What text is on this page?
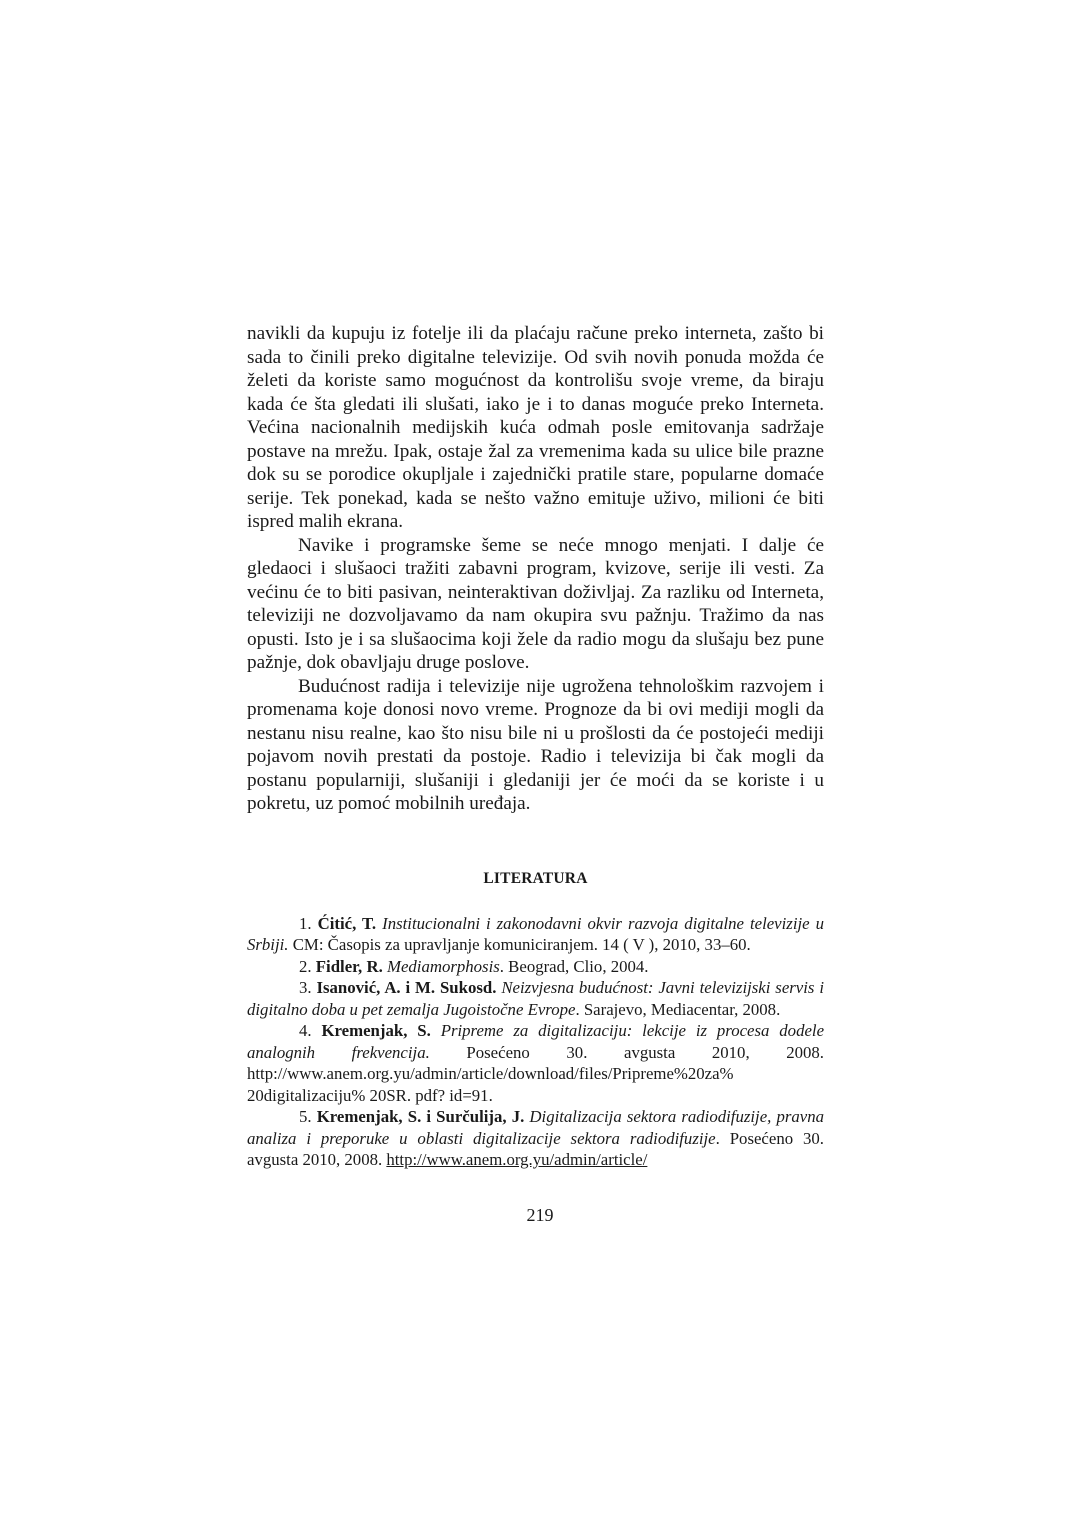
navikli da kupuju iz fotelje ili da plaćaju račune preko interneta, zašto bi sada to činili preko digitalne televizije. Od svih novih ponuda možda će želeti da koriste samo mogućnost da kontrolišu svoje vreme, da biraju kada će šta gledati ili slušati, iako je i to danas moguće preko Interneta. Većina nacionalnih medijskih kuća odmah posle emitovanja sadržaje postave na mrežu. Ipak, ostaje žal za vremenima kada su ulice bile prazne dok su se porodice okupljale i zajednički pratile stare, popularne domaće serije. Tek ponekad, kada se nešto važno emituje uživo, milioni će biti ispred malih ekrana.

Navike i programske šeme se neće mnogo menjati. I dalje će gledaoci i slušaoci tražiti zabavni program, kvizove, serije ili vesti. Za većinu će to biti pasivan, neinteraktivan doživljaj. Za razliku od Interneta, televiziji ne dozvoljavamo da nam okupira svu pažnju. Tražimo da nas opusti. Isto je i sa slušaocima koji žele da radio mogu da slušaju bez pune pažnje, dok obavljaju druge poslove.

Budućnost radija i televizije nije ugrožena tehnološkim razvojem i promenama koje donosi novo vreme. Prognoze da bi ovi mediji mogli da nestanu nisu realne, kao što nisu bile ni u prošlosti da će postojeći mediji pojavom novih prestati da postoje. Radio i televizija bi čak mogli da postanu popularniji, slušaniji i gledaniji jer će moći da se koriste i u pokretu, uz pomoć mobilnih uređaja.

LITERATURA

1. Ćitić, T. Institucionalni i zakonodavni okvir razvoja digitalne televizije u Srbiji. CM: Časopis za upravljanje komuniciranjem. 14 ( V ), 2010, 33–60.

2. Fidler, R. Mediamorphosis. Beograd, Clio, 2004.

3. Isanović, A. i M. Sukosd. Neizvjesna budućnost: Javni televizijski servis i digitalno doba u pet zemalja Jugoistočne Evrope. Sarajevo, Mediacentar, 2008.

4. Kremenjak, S. Pripreme za digitalizaciju: lekcije iz procesa dodele analognih frekvencija. Posećeno 30. avgusta 2010, 2008. http://www.anem.org.yu/admin/article/download/files/Pripreme%20za% 20digitalizaciju% 20SR. pdf? id=91.

5. Kremenjak, S. i Surčulija, J. Digitalizacija sektora radiodifuzije, pravna analiza i preporuke u oblasti digitalizacije sektora radiodifuzije. Posećeno 30. avgusta 2010, 2008. http://www.anem.org.yu/admin/article/

219
